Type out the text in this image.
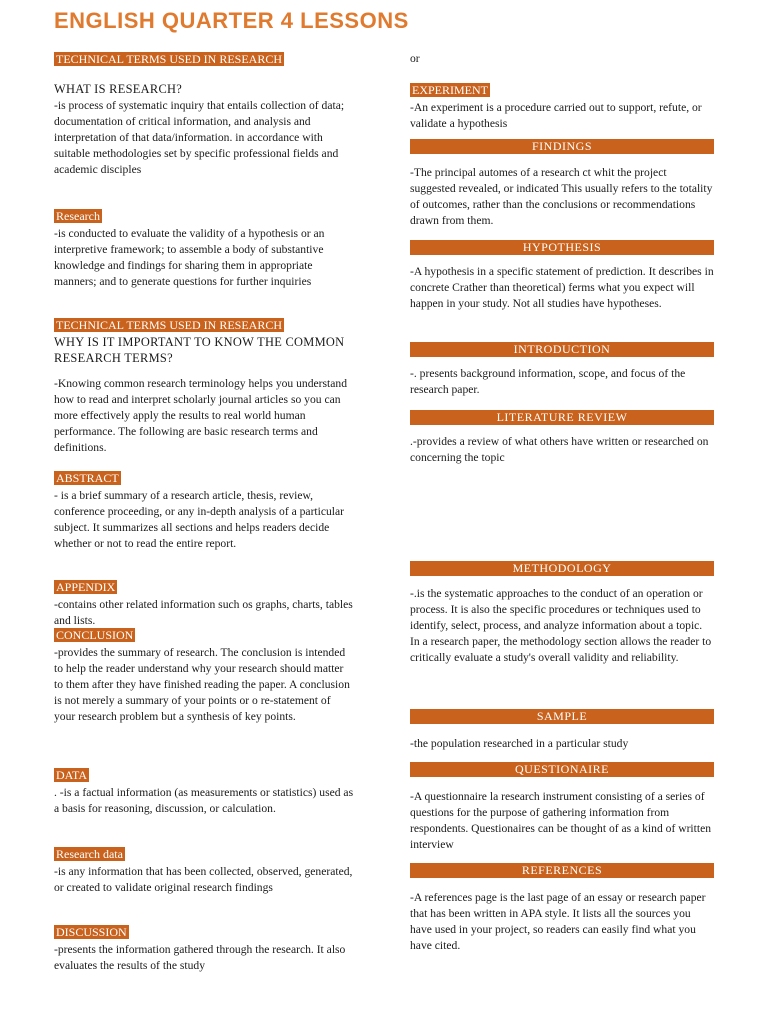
ENGLISH QUARTER 4 LESSONS
TECHNICAL TERMS USED IN RESEARCH
WHAT IS RESEARCH?
-is process of systematic inquiry that entails collection of data; documentation of critical information, and analysis and interpretation of that data/information. in accordance with suitable methodologies set by specific professional fields and academic disciples
Research
-is conducted to evaluate the validity of a hypothesis or an interpretive framework; to assemble a body of substantive knowledge and findings for sharing them in appropriate manners; and to generate questions for further inquiries
TECHNICAL TERMS USED IN RESEARCH
WHY IS IT IMPORTANT TO KNOW THE COMMON RESEARCH TERMS?
-Knowing common research terminology helps you understand how to read and interpret scholarly journal articles so you can more effectively apply the results to real world human performance. The following are basic research terms and definitions.
ABSTRACT
- is a brief summary of a research article, thesis, review, conference proceeding, or any in-depth analysis of a particular subject. It summarizes all sections and helps readers decide whether or not to read the entire report.
APPENDIX
-contains other related information such os graphs, charts, tables and lists.
CONCLUSION
-provides the summary of research. The conclusion is intended to help the reader understand why your research should matter to them after they have finished reading the paper. A conclusion is not merely a summary of your points or o re-statement of your research problem but a synthesis of key points.
DATA
. -is a factual information (as measurements or statistics) used as a basis for reasoning, discussion, or calculation.
Research data
-is any information that has been collected, observed, generated, or created to validate original research findings
DISCUSSION
-presents the information gathered through the research. It also evaluates the results of the study
or
EXPERIMENT
-An experiment is a procedure carried out to support, refute, or validate a hypothesis
FINDINGS
-The principal automes of a research ct whit the project suggested revealed, or indicated This usually refers to the totality of outcomes, rather than the conclusions or recommendations drawn from them.
HYPOTHESIS
-A hypothesis in a specific statement of prediction. It describes in concrete Crather than theoretical) ferms what you expect will happen in your study. Not all studies have hypotheses.
INTRODUCTION
-. presents background information, scope, and focus of the research paper.
LITERATURE REVIEW
.-provides a review of what others have written or researched on concerning the topic
METHODOLOGY
-.is the systematic approaches to the conduct of an operation or process. It is also the specific procedures or techniques used to identify, select, process, and analyze information about a topic. In a research paper, the methodology section allows the reader to critically evaluate a study's overall validity and reliability.
SAMPLE
-the population researched in a particular study
QUESTIONAIRE
-A questionnaire la research instrument consisting of a series of questions for the purpose of gathering information from respondents. Questionaires can be thought of as a kind of written interview
REFERENCES
-A references page is the last page of an essay or research paper that has been written in APA style. It lists all the sources you have used in your project, so readers can easily find what you have cited.
